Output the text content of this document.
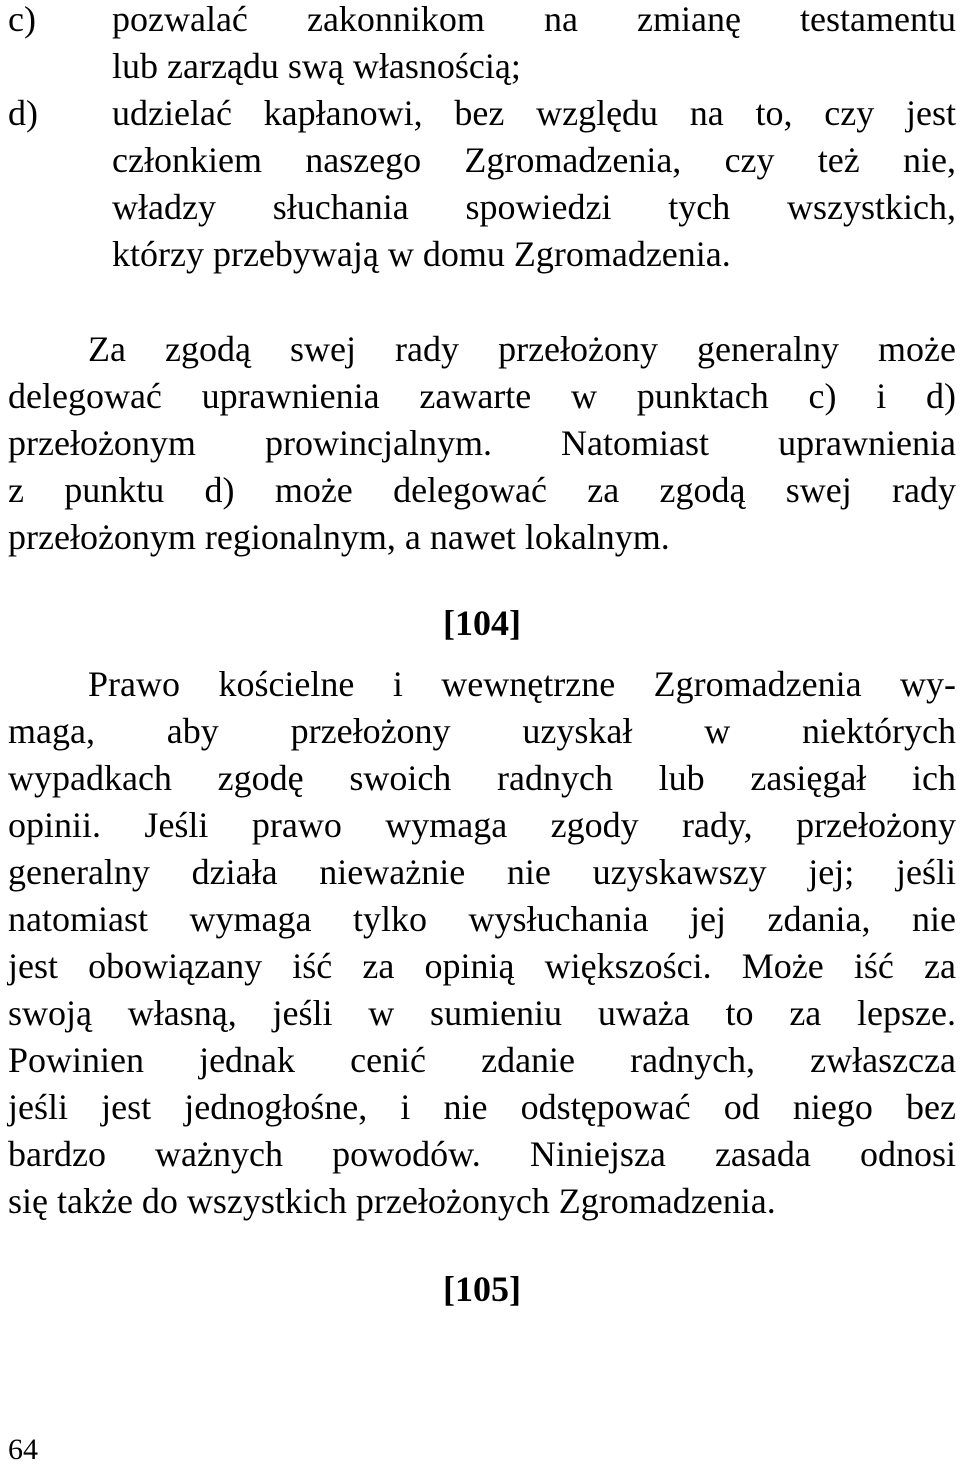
c)	pozwalać zakonnikom na zmianę testamentu
lub zarządu swą własnością;
d)	udzielać kapłanowi, bez względu na to, czy jest
członkiem naszego Zgromadzenia, czy też nie,
władzy słuchania spowiedzi tych wszystkich,
którzy przebywają w domu Zgromadzenia.
Za zgodą swej rady przełożony generalny może
delegować uprawnienia zawarte w punktach c) i d)
przełożonym prowincjalnym. Natomiast uprawnienia
z punktu d) może delegować za zgodą swej rady
przełożonym regionalnym, a nawet lokalnym.
[104]
Prawo kościelne i wewnętrzne Zgromadzenia wy-
maga, aby przełożony uzyskał w niektórych
wypadkach zgodę swoich radnych lub zasięgał ich
opinii. Jeśli prawo wymaga zgody rady, przełożony
generalny działa nieważnie nie uzyskawszy jej; jeśli
natomiast wymaga tylko wysłuchania jej zdania, nie
jest obowiązany iść za opinią większości. Może iść za
swoją własną, jeśli w sumieniu uważa to za lepsze.
Powinien jednak cenić zdanie radnych, zwłaszcza
jeśli jest jednogłośne, i nie odstępować od niego bez
bardzo ważnych powodów. Niniejsza zasada odnosi
się także do wszystkich przełożonych Zgromadzenia.
[105]
64
